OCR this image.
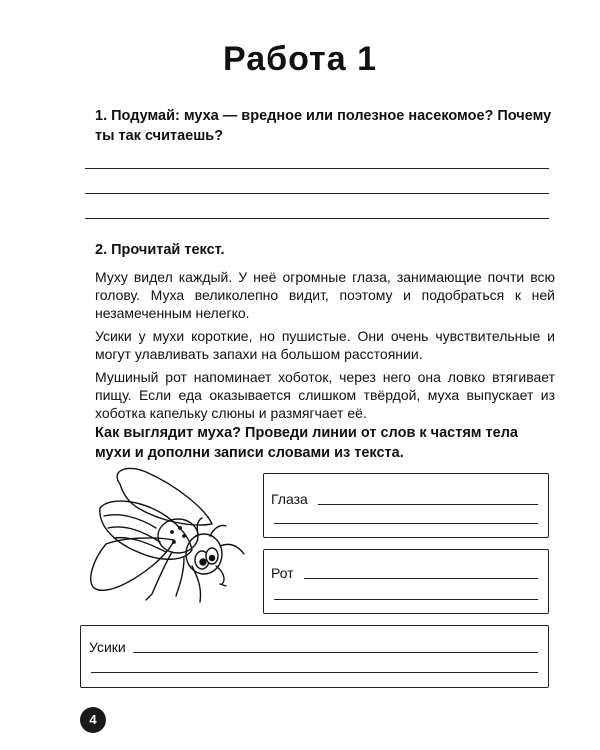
Работа 1
1. Подумай: муха — вредное или полезное насекомое? Почему ты так считаешь?
2. Прочитай текст.

Муху видел каждый. У неё огромные глаза, занимающие почти всю голову. Муха великолепно видит, поэтому и подобраться к ней незамеченным нелегко.

Усики у мухи короткие, но пушистые. Они очень чувствительные и могут улавливать запахи на большом расстоянии.

Мушиный рот напоминает хоботок, через него она ловко втягивает пищу. Если еда оказывается слишком твёрдой, муха выпускает из хоботка капельку слюны и размягчает её.

Как выглядит муха? Проведи линии от слов к частям тела мухи и дополни записи словами из текста.
Глаза
Рот
Усики
4
